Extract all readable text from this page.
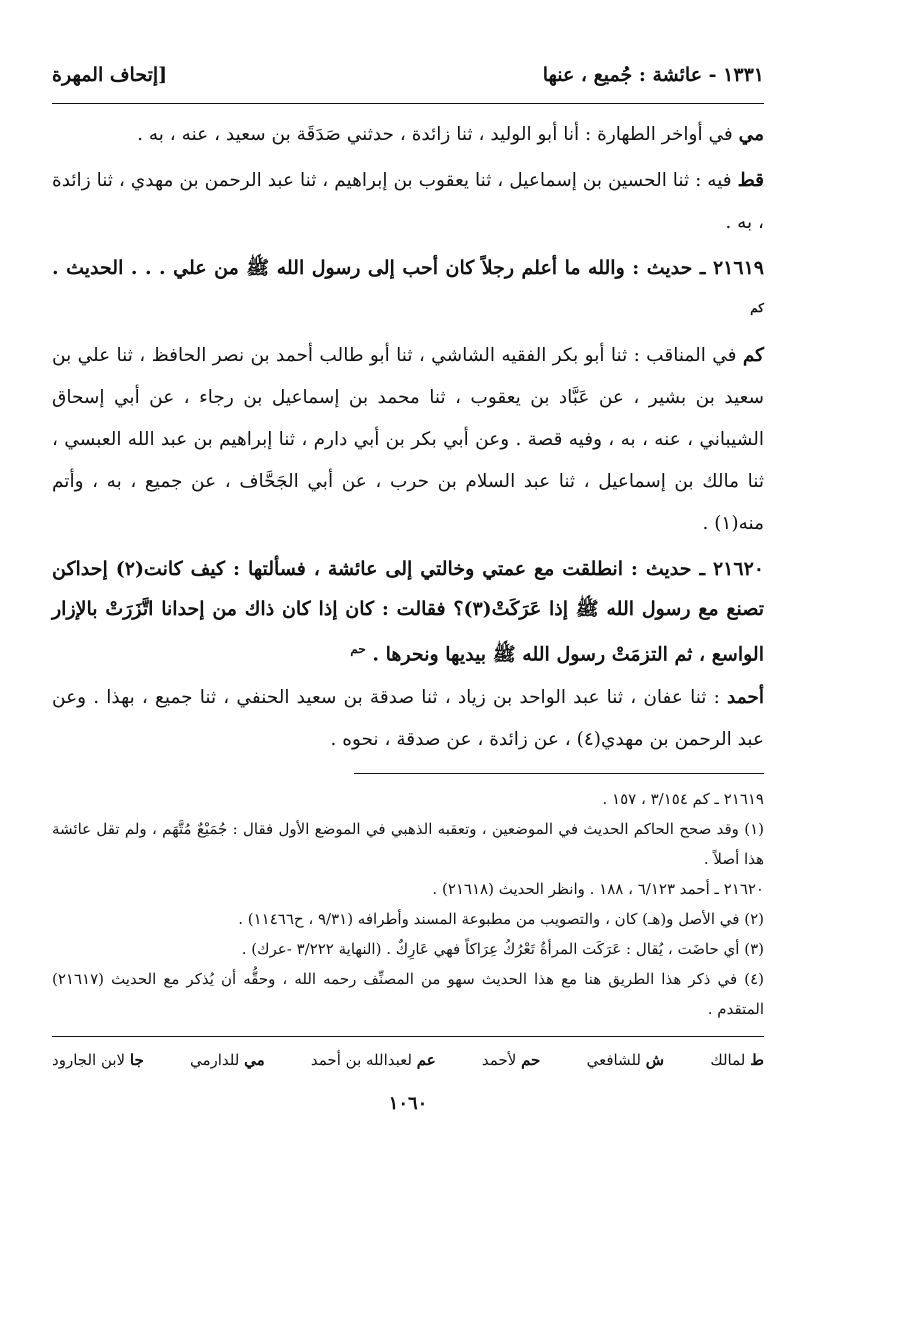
١٣٣١ - عائشة : جُميع ، عنها
[إتحاف المهرة

مي في أواخر الطهارة : أنا أبو الوليد ، ثنا زائدة ، حدثني صَدَقَة بن سعيد ، عنه ، به .

قط فيه : ثنا الحسين بن إسماعيل ، ثنا يعقوب بن إبراهيم ، ثنا عبد الرحمن بن مهدي ، ثنا زائدة ، به .

٢١٦١٩ ـ حديث : والله ما أعلم رجلاً كان أحب إلى رسول الله ﷺ من علي . . . الحديث . $^{كم}$

كم في المناقب : ثنا أبو بكر الفقيه الشاشي ، ثنا أبو طالب أحمد بن نصر الحافظ ، ثنا علي بن سعيد بن بشير ، عن عَبَّاد بن يعقوب ، ثنا محمد بن إسماعيل بن رجاء ، عن أبي إسحاق الشيباني ، عنه ، به ، وفيه قصة . وعن أبي بكر بن أبي دارم ، ثنا إبراهيم بن عبد الله العبسي ، ثنا مالك بن إسماعيل ، ثنا عبد السلام بن حرب ، عن أبي الجَحَّاف ، عن جميع ، به ، وأتم منه(١) .

٢١٦٢٠ ـ حديث : انطلقت مع عمتي وخالتي إلى عائشة ، فسألتها : كيف كانت(٢) إحداكن تصنع مع رسول الله ﷺ إذا عَرَكَتْ(٣)؟ فقالت : كان إذا كان ذاك من إحدانا اتَّزَرَتْ بالإزار الواسع ، ثم التزمَتْ رسول الله ﷺ بيديها ونحرها . $^{حم}$

أحمد : ثنا عفان ، ثنا عبد الواحد بن زياد ، ثنا صدقة بن سعيد الحنفي ، ثنا جميع ، بهذا . وعن عبد الرحمن بن مهدي(٤) ، عن زائدة ، عن صدقة ، نحوه .

٢١٦١٩ ـ كم ٣/١٥٤ ، ١٥٧ .

(١) وقد صحح الحاكم الحديث في الموضعين ، وتعقبه الذهبي في الموضع الأول فقال : جُمَيْعٌ مُتَّهَم ، ولم تقل عائشة هذا أصلاً .

٢١٦٢٠ ـ أحمد ٦/١٢٣ ، ١٨٨ . وانظر الحديث (٢١٦١٨) .

(٢) في الأصل و(هـ) كان ، والتصويب من مطبوعة المسند وأطرافه (٩/٣١ ، ح١١٤٦٦) .

(٣) أي حاضَت ، يُقال : عَرَكَت المرأةُ تَعْرُكُ عِرَاكاً فهي عَارِكٌ . (النهاية ٣/٢٢٢ -عرك) .

(٤) في ذكر هذا الطريق هنا مع هذا الحديث سهو من المصنِّف رحمه الله ، وحقُّه أن يُذكر مع الحديث (٢١٦١٧) المتقدم .

ط لمالك
ش للشافعي
حم لأحمد
عم لعبدالله بن أحمد
مي للدارمي
جا لابن الجارود
١٠٦٠
